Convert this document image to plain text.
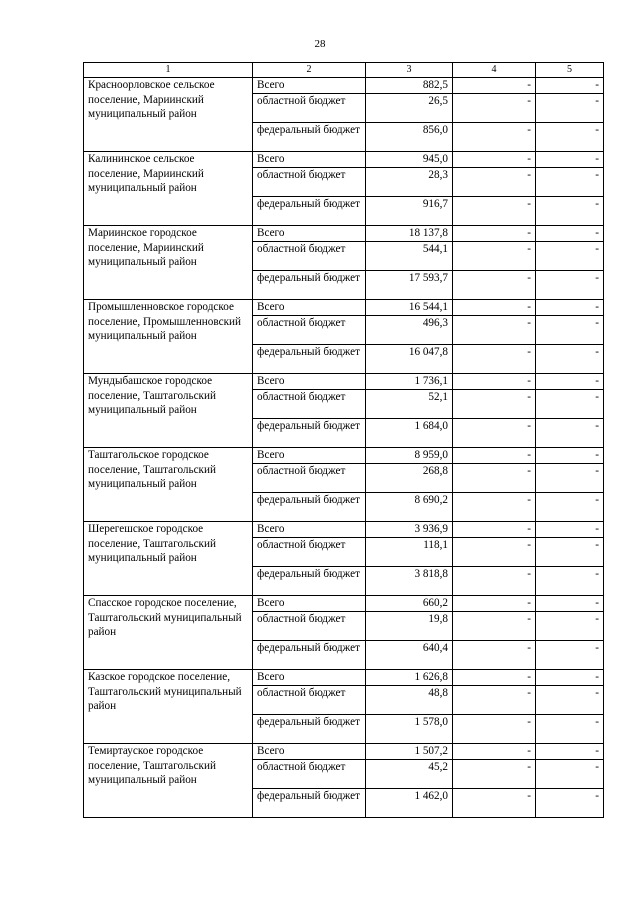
28
1	2	3	4	5
Краснoорловское сельское поселение, Мариинский муниципальный район	Всего	882,5	-	-
	областной бюджет	26,5	-	-
	федеральный бюджет	856,0	-	-
Калининское сельское поселение, Мариинский муниципальный район	Всего	945,0	-	-
	областной бюджет	28,3	-	-
	федеральный бюджет	916,7	-	-
Мариинское городское поселение, Мариинский муниципальный район	Всего	18 137,8	-	-
	областной бюджет	544,1	-	-
	федеральный бюджет	17 593,7	-	-
Промышленновское городское поселение, Промышленновский муниципальный район	Всего	16 544,1	-	-
	областной бюджет	496,3	-	-
	федеральный бюджет	16 047,8	-	-
Мундыбашское городское поселение, Таштагольский муниципальный район	Всего	1 736,1	-	-
	областной бюджет	52,1	-	-
	федеральный бюджет	1 684,0	-	-
Таштагольское городское поселение, Таштагольский муниципальный район	Всего	8 959,0	-	-
	областной бюджет	268,8	-	-
	федеральный бюджет	8 690,2	-	-
Шерегешское городское поселение, Таштагольский муниципальный район	Всего	3 936,9	-	-
	областной бюджет	118,1	-	-
	федеральный бюджет	3 818,8	-	-
Спасское городское поселение, Таштагольский муниципальный район	Всего	660,2	-	-
	областной бюджет	19,8	-	-
	федеральный бюджет	640,4	-	-
Казское городское поселение, Таштагольский муниципальный район	Всего	1 626,8	-	-
	областной бюджет	48,8	-	-
	федеральный бюджет	1 578,0	-	-
Темиртауское городское поселение, Таштагольский муниципальный район	Всего	1 507,2	-	-
	областной бюджет	45,2	-	-
	федеральный бюджет	1 462,0	-	-
